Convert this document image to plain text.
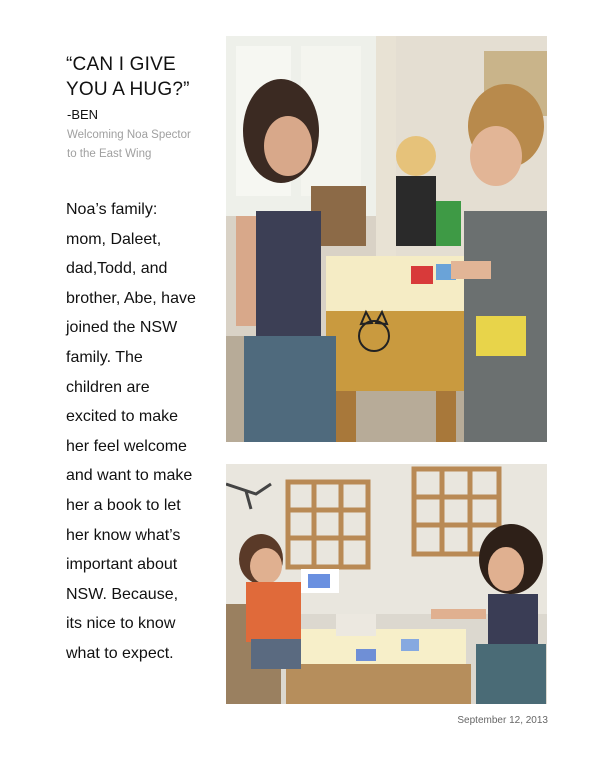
“CAN I GIVE
YOU A HUG?”
-BEN
Welcoming Noa Spector
to the East Wing
Noa’s family:
mom, Daleet,
dad,Todd, and
brother, Abe, have
joined the NSW
family. The
children are
excited to make
her feel welcome
and want to make
her a book to let
her know what’s
important about
NSW. Because,
its nice to know
what to expect.
September 12, 2013
